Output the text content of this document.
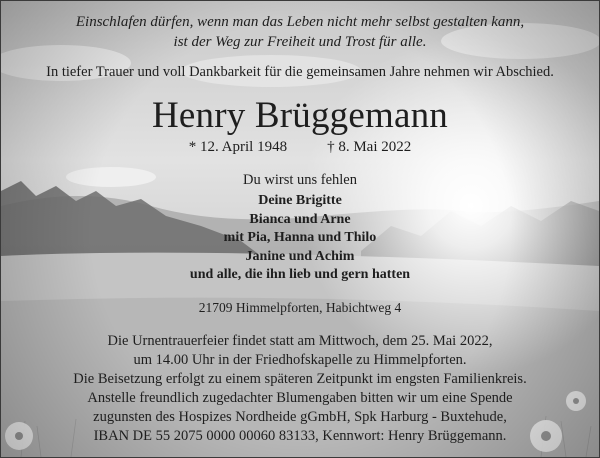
Einschlafen dürfen, wenn man das Leben nicht mehr selbst gestalten kann,
ist der Weg zur Freiheit und Trost für alle.
In tiefer Trauer und voll Dankbarkeit für die gemeinsamen Jahre nehmen wir Abschied.
Henry Brüggemann
* 12. April 1948	† 8. Mai 2022
Du wirst uns fehlen
Deine Brigitte
Bianca und Arne
mit Pia, Hanna und Thilo
Janine und Achim
und alle, die ihn lieb und gern hatten
21709 Himmelpforten, Habichtweg 4
Die Urnentrauerfeier findet statt am Mittwoch, dem 25. Mai 2022,
um 14.00 Uhr in der Friedhofskapelle zu Himmelpforten.
Die Beisetzung erfolgt zu einem späteren Zeitpunkt im engsten Familienkreis.
Anstelle freundlich zugedachter Blumengaben bitten wir um eine Spende
zugunsten des Hospizes Nordheide gGmbH, Spk Harburg - Buxtehude,
IBAN DE 55 2075 0000 00060 83133, Kennwort: Henry Brüggemann.
